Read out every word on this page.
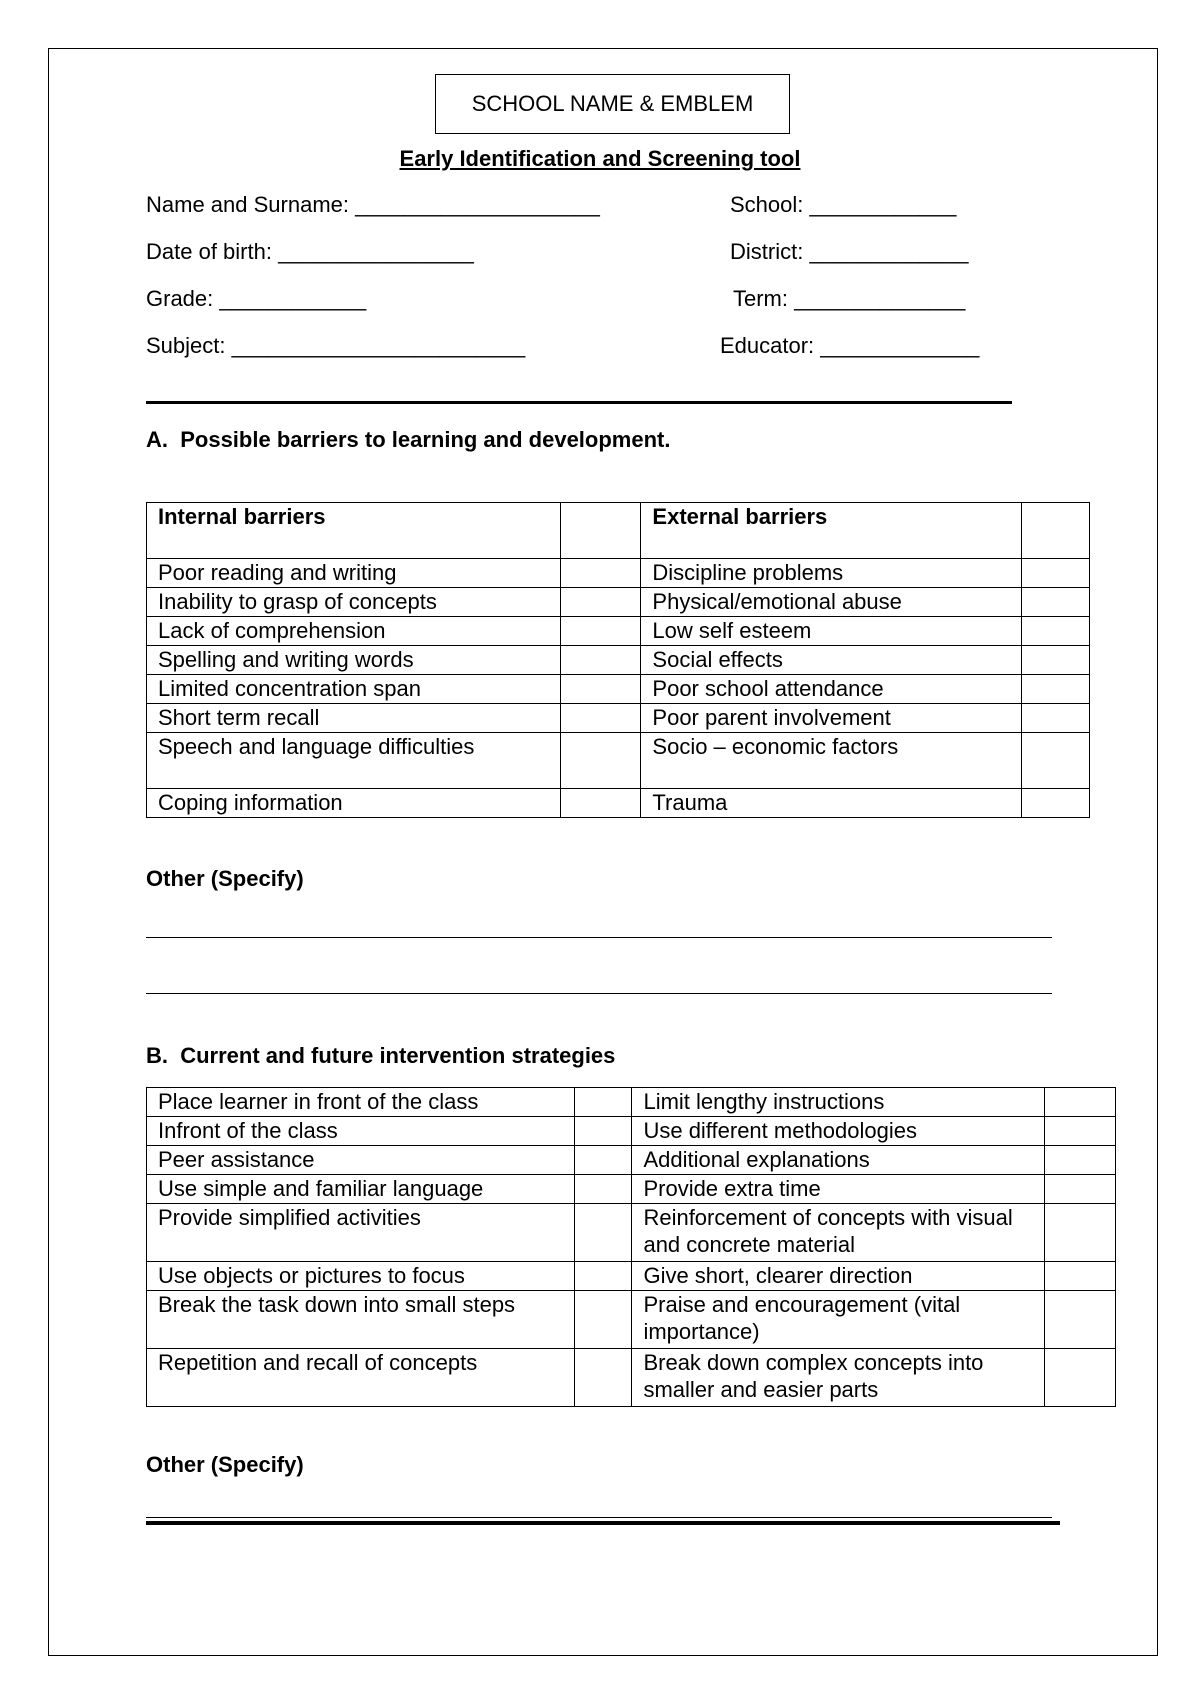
SCHOOL NAME & EMBLEM
Early Identification and Screening tool
Name and Surname: ____________________	School: ____________
Date of birth: ________________	District: _____________
Grade: ____________	Term: ______________
Subject: ________________________	Educator: _____________
A.  Possible barriers to learning and development.
Internal barriers		External barriers	
Poor reading and writing		Discipline problems	
Inability to grasp of concepts		Physical/emotional abuse	
Lack of comprehension		Low self esteem	
Spelling and writing words		Social effects	
Limited concentration span		Poor school attendance	
Short term recall		Poor parent involvement	
Speech and language difficulties		Socio – economic factors	
Coping information		Trauma	
Other (Specify)
B.  Current and future intervention strategies
Place learner in front of the class		Limit lengthy instructions	
Infront of the class		Use different methodologies	
Peer assistance		Additional explanations	
Use simple and familiar language		Provide extra time	
Provide simplified activities		Reinforcement of concepts with visual and concrete material	
Use objects or pictures to focus		Give short, clearer direction	
Break the task down into small steps		Praise and encouragement (vital importance)	
Repetition and recall of concepts		Break down complex concepts into smaller and easier parts	
Other (Specify)
